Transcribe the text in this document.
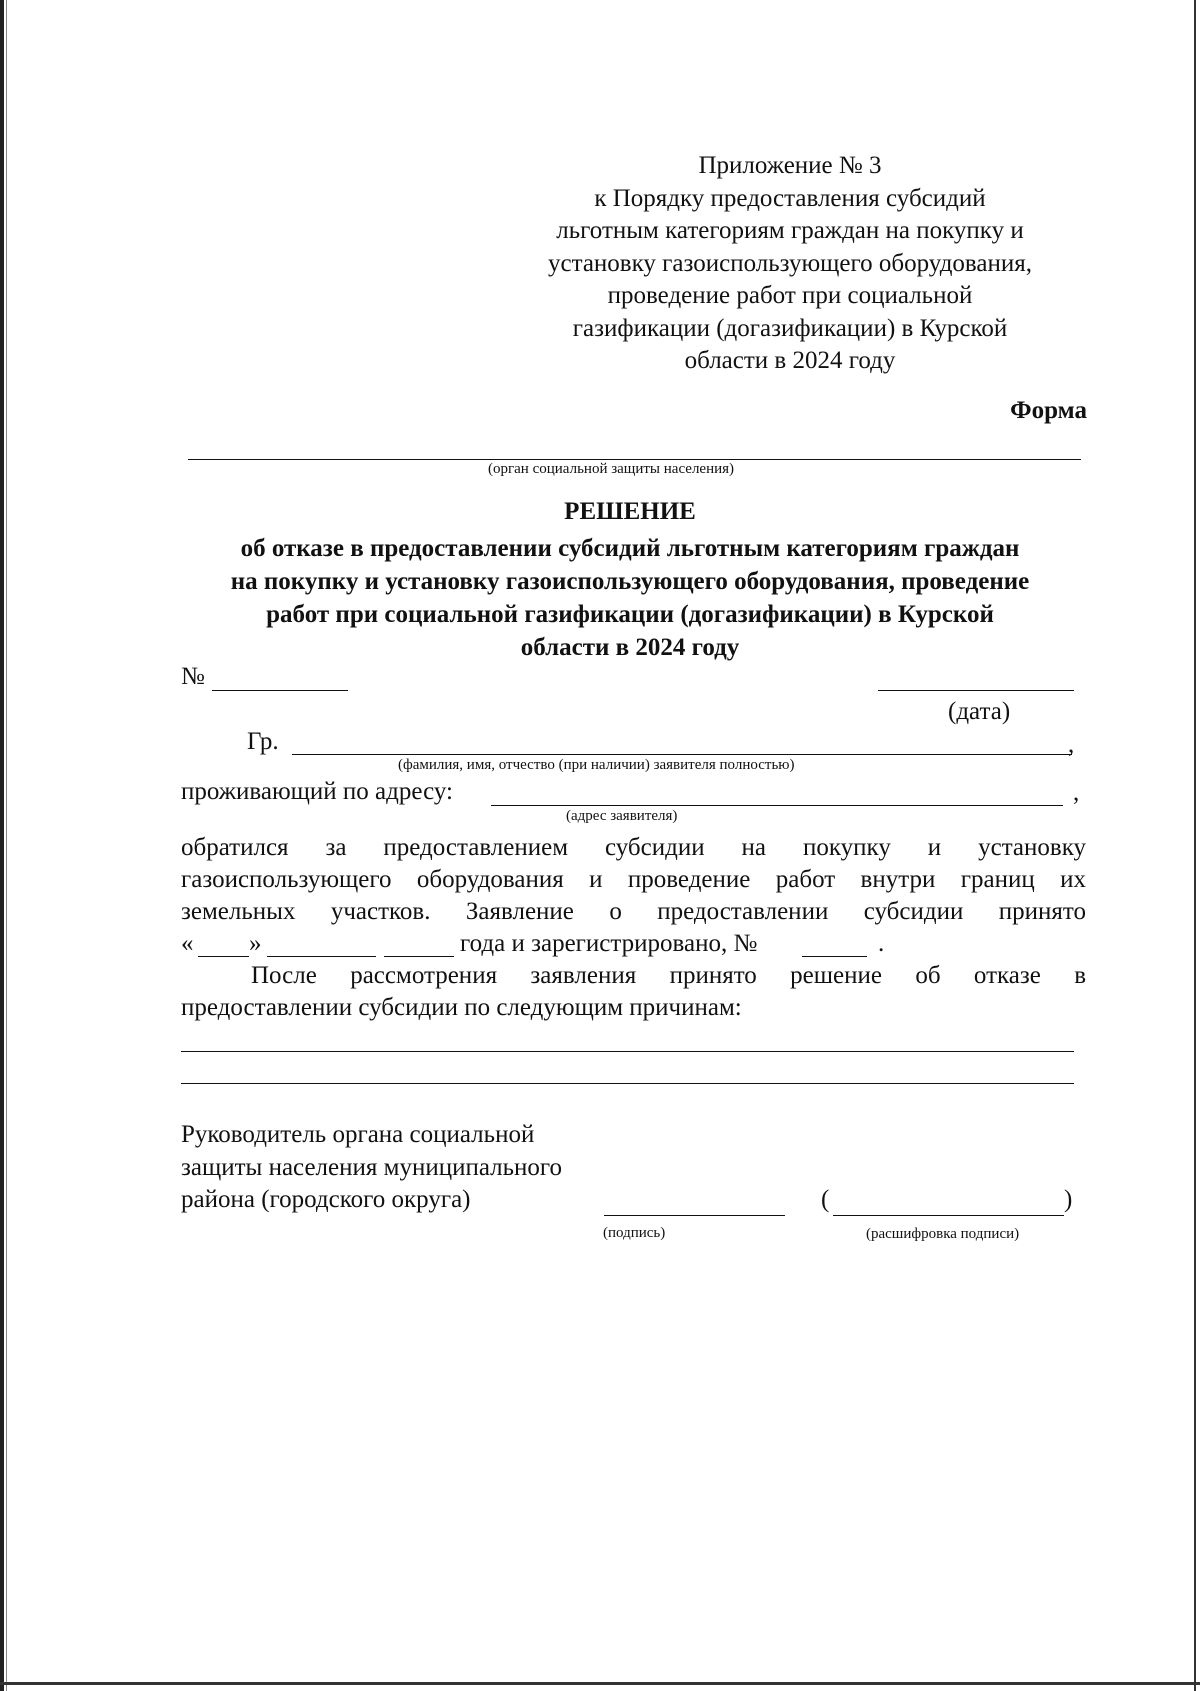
Приложение № 3
к Порядку предоставления субсидий
льготным категориям граждан на покупку и
установку газоиспользующего оборудования,
проведение работ при социальной
газификации (догазификации) в Курской
области в 2024 году
Форма
(орган социальной защиты населения)
РЕШЕНИЕ
об отказе в предоставлении субсидий льготным категориям граждан
на покупку и установку газоиспользующего оборудования, проведение
работ при социальной газификации (догазификации) в Курской
области в 2024 году
№
(дата)
Гр.	,
(фамилия, имя, отчество (при наличии) заявителя полностью)
проживающий по адресу:	,
(адрес заявителя)
обратился за предоставлением субсидии на покупку и установку
газоиспользующего оборудования и проведение работ внутри границ их
земельных участков. Заявление о предоставлении субсидии принято
« »	года и зарегистрировано, №	.
После рассмотрения заявления принято решение об отказе в
предоставлении субсидии по следующим причинам:
Руководитель органа социальной
защиты населения муниципального
района (городского округа)	(	)
(подпись)	(расшифровка подписи)
